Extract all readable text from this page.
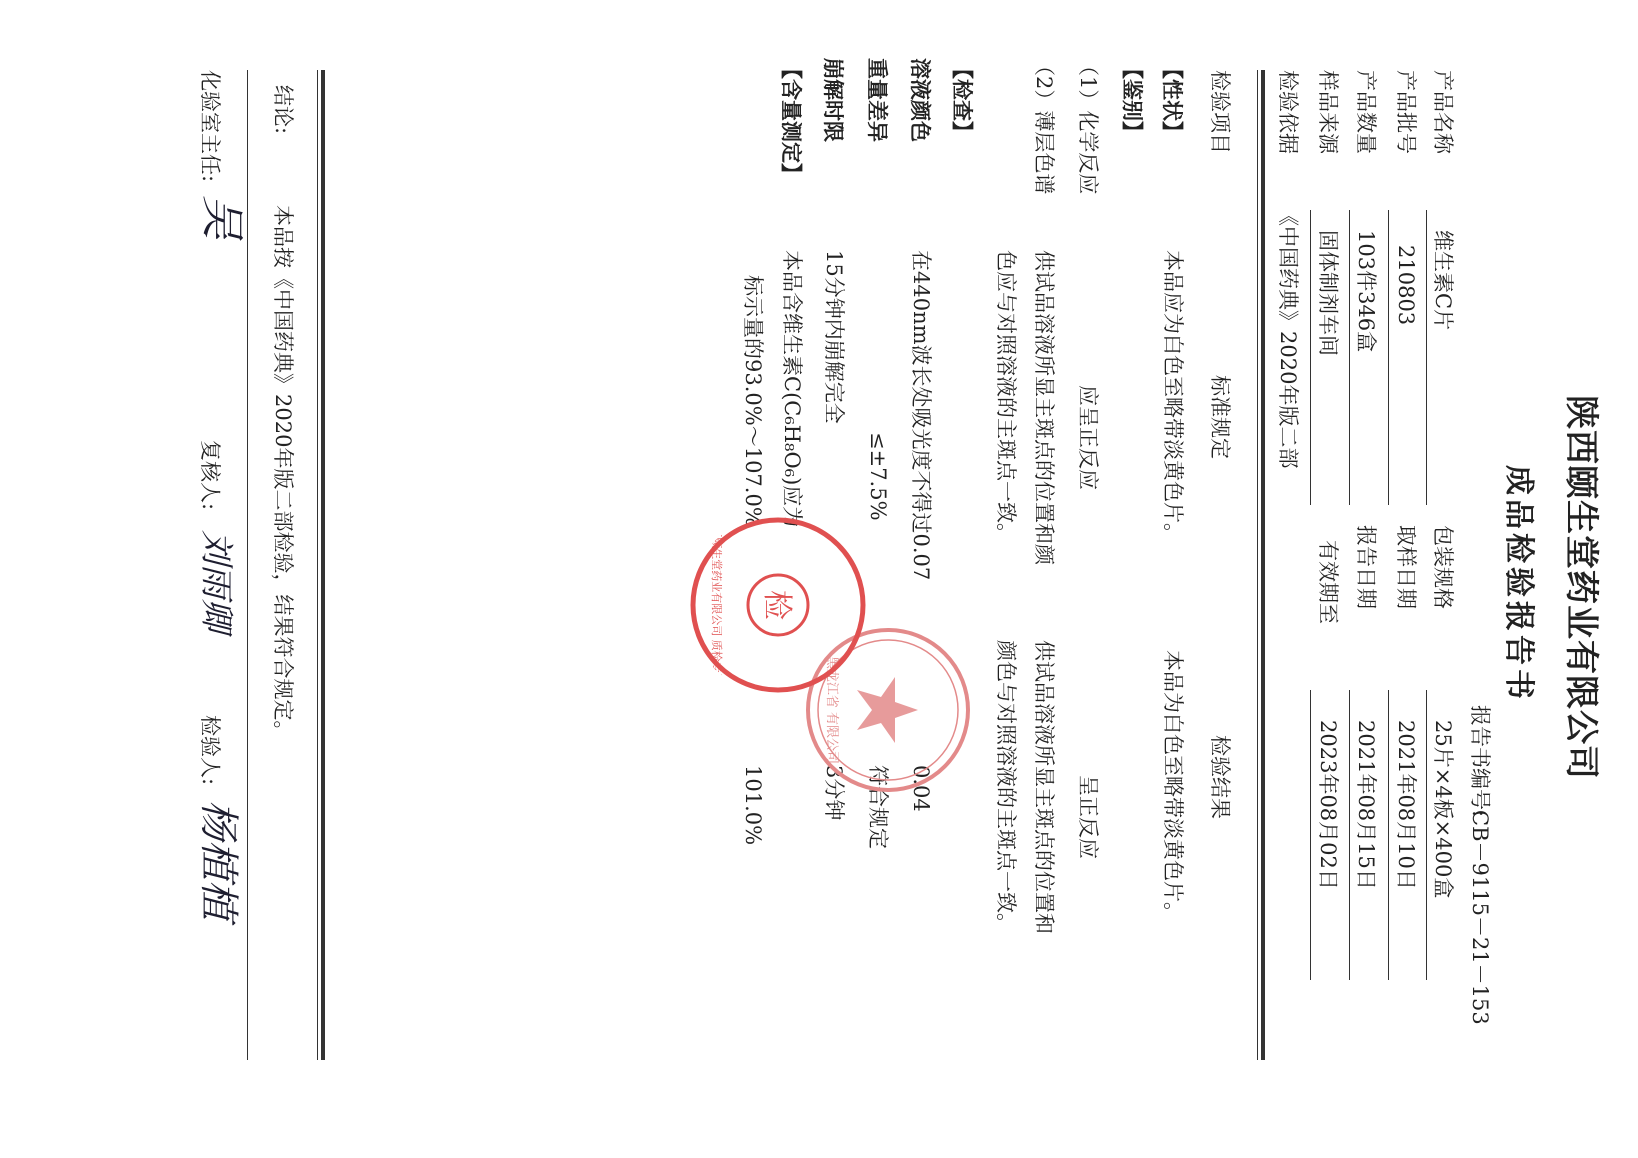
陕西颐生堂药业有限公司
成品检验报告书
报告书编号:
CB－9115－21－153
产品名称
维生素C片
包装规格
25片×4板×400盒
产品批号
210803
取样日期
2021年08月10日
产品数量
103件346盒
报告日期
2021年08月15日
样品来源
固体制剂车间
有效期至
2023年08月02日
检验依据
《中国药典》2020年版二部
检验项目
标准规定
检验结果
【性状】
本品应为白色至略带淡黄色片。
本品为白色至略带淡黄色片。
【鉴别】
（1）化学反应
应呈正反应
呈正反应
（2）薄层色谱
供试品溶液所显主斑点的位置和颜
色应与对照溶液的主斑点一致。
供试品溶液所显主斑点的位置和
颜色与对照溶液的主斑点一致。
【检查】
溶液颜色
在440nm波长处吸光度不得过0.07
0.04
重量差异
≤±7.5%
符合规定
崩解时限
15分钟内崩解完全
3分钟
【含量测定】
本品含维生素C(C₆H₈O₆)应为
标示量的93.0%～107.0%
101.0%
结论:
本品按《中国药典》2020年版二部检验，结果符合规定。
化验室主任:
吴
复核人:
刘雨卿
检验人:
杨植植
黑龙江省 有限公司
检
陕西颐生堂药业有限公司 质检专用章
